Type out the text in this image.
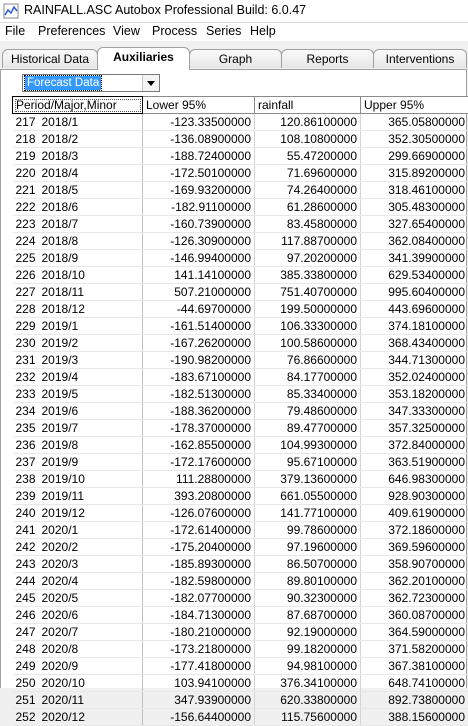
RAINFALL.ASC Autobox Professional Build: 6.0.47
File Preferences View Process Series Help
Historical Data	Auxiliaries	Graph	Reports	Interventions
Forecast Data
Period/Major,Minor	Lower 95%	rainfall	Upper 95%
217 2018/1	-123.33500000	120.86100000	365.05800000
218 2018/2	-136.08900000	108.10800000	352.30500000
219 2018/3	-188.72400000	55.47200000	299.66900000
220 2018/4	-172.50100000	71.69600000	315.89200000
221 2018/5	-169.93200000	74.26400000	318.46100000
222 2018/6	-182.91100000	61.28600000	305.48300000
223 2018/7	-160.73900000	83.45800000	327.65400000
224 2018/8	-126.30900000	117.88700000	362.08400000
225 2018/9	-146.99400000	97.20200000	341.39900000
226 2018/10	141.14100000	385.33800000	629.53400000
227 2018/11	507.21000000	751.40700000	995.60400000
228 2018/12	-44.69700000	199.50000000	443.69600000
229 2019/1	-161.51400000	106.33300000	374.18100000
230 2019/2	-167.26200000	100.58600000	368.43400000
231 2019/3	-190.98200000	76.86600000	344.71300000
232 2019/4	-183.67100000	84.17700000	352.02400000
233 2019/5	-182.51300000	85.33400000	353.18200000
234 2019/6	-188.36200000	79.48600000	347.33300000
235 2019/7	-178.37000000	89.47700000	357.32500000
236 2019/8	-162.85500000	104.99300000	372.84000000
237 2019/9	-172.17600000	95.67100000	363.51900000
238 2019/10	111.28800000	379.13600000	646.98300000
239 2019/11	393.20800000	661.05500000	928.90300000
240 2019/12	-126.07600000	141.77100000	409.61900000
241 2020/1	-172.61400000	99.78600000	372.18600000
242 2020/2	-175.20400000	97.19600000	369.59600000
243 2020/3	-185.89300000	86.50700000	358.90700000
244 2020/4	-182.59800000	89.80100000	362.20100000
245 2020/5	-182.07700000	90.32300000	362.72300000
246 2020/6	-184.71300000	87.68700000	360.08700000
247 2020/7	-180.21000000	92.19000000	364.59000000
248 2020/8	-173.21800000	99.18200000	371.58200000
249 2020/9	-177.41800000	94.98100000	367.38100000
250 2020/10	103.94100000	376.34100000	648.74100000
251 2020/11	347.93900000	620.33800000	892.73800000
252 2020/12	-156.64400000	115.75600000	388.15600000
